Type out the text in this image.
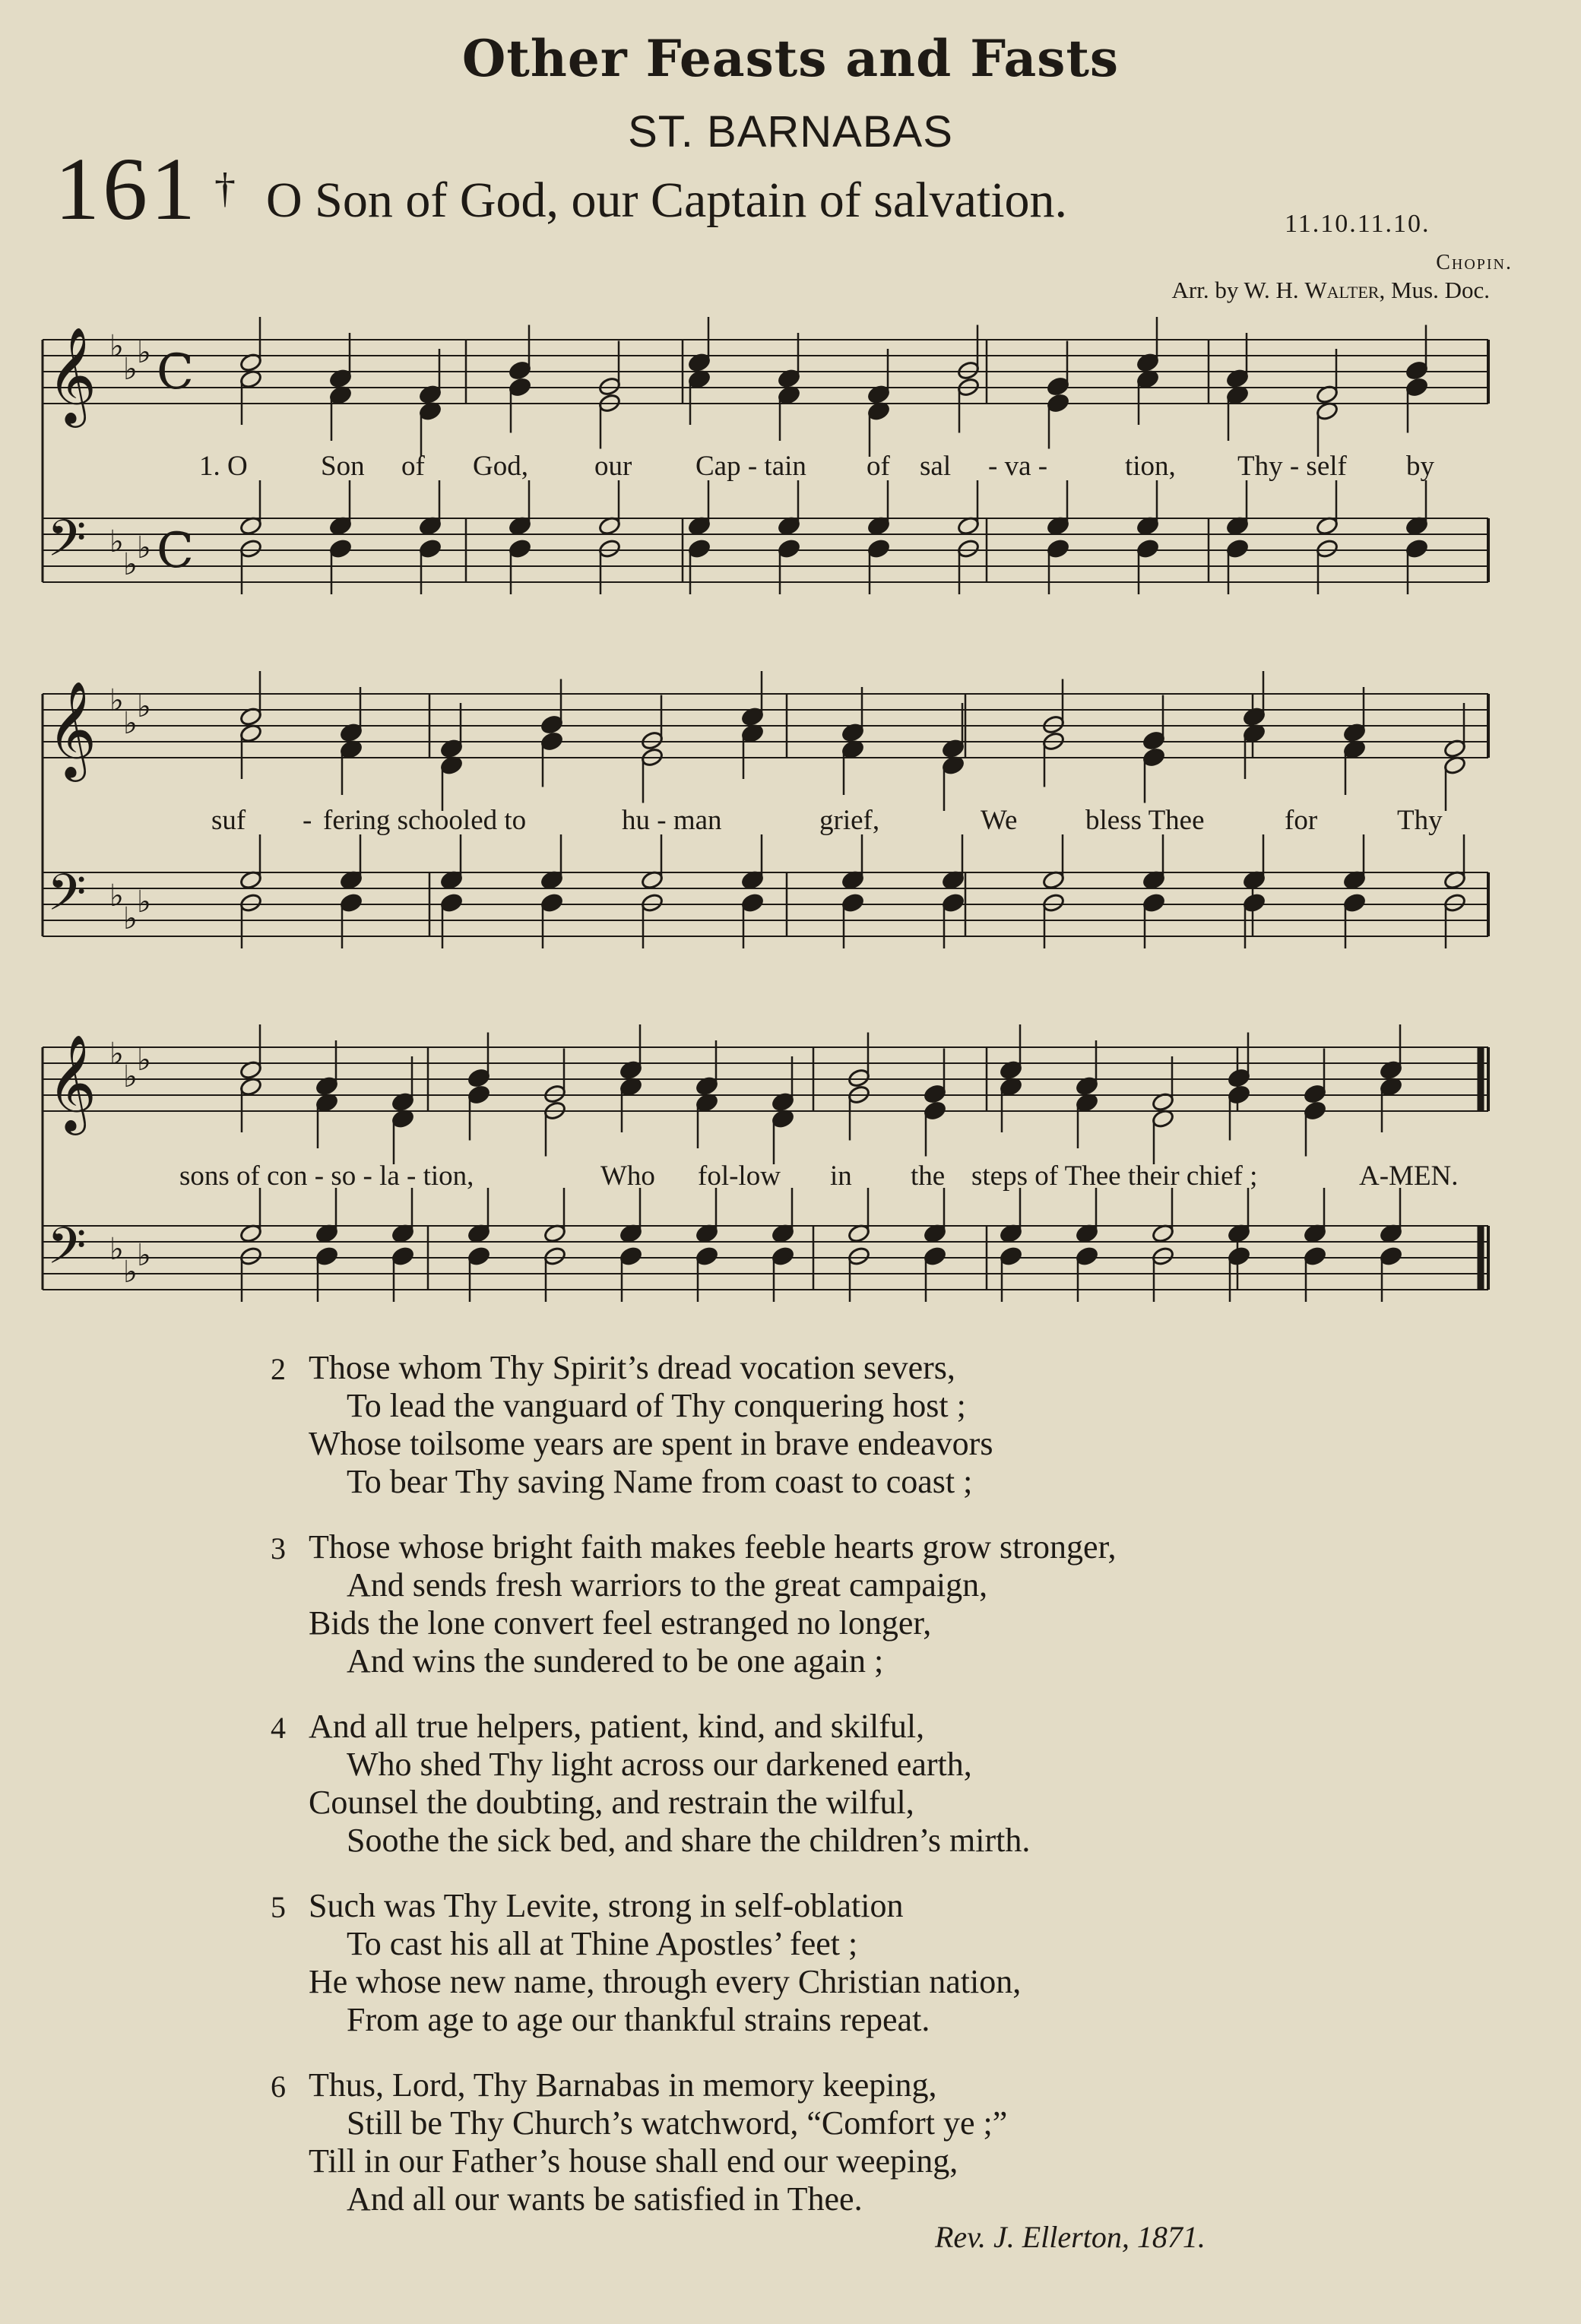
Other Feasts and Fasts
ST. BARNABAS
161 † O Son of God, our Captain of salvation.	11.10.11.10.
Chopin.
Arr. by W. H. Walter, Mus. Doc.
𝄞 ♭
♭ ♭ C
𝄢 ♭
♭ ♭ C
𝄞 ♭
♭ ♭
𝄢 ♭
♭ ♭
𝄞 ♭
♭ ♭
𝄢 ♭
♭ ♭
1. O	Son of God, our Cap - tain of sal - va -	tion, Thy - self by
suf - fering schooled to	hu - man	grief,	We bless Thee	for	Thy
sons of con - so - la - tion,	Who fol-low in the steps of Thee their chief ;	A-MEN.
2 Those whom Thy Spirit’s dread vocation severs,
To lead the vanguard of Thy conquering host ;
Whose toilsome years are spent in brave endeavors
To bear Thy saving Name from coast to coast ;
3 Those whose bright faith makes feeble hearts grow stronger,
And sends fresh warriors to the great campaign,
Bids the lone convert feel estranged no longer,
And wins the sundered to be one again ;
4 And all true helpers, patient, kind, and skilful,
Who shed Thy light across our darkened earth,
Counsel the doubting, and restrain the wilful,
Soothe the sick bed, and share the children’s mirth.
5 Such was Thy Levite, strong in self-oblation
To cast his all at Thine Apostles’ feet ;
He whose new name, through every Christian nation,
From age to age our thankful strains repeat.
6 Thus, Lord, Thy Barnabas in memory keeping,
Still be Thy Church’s watchword, “Comfort ye ;”
Till in our Father’s house shall end our weeping,
And all our wants be satisfied in Thee.
Rev. J. Ellerton, 1871.
